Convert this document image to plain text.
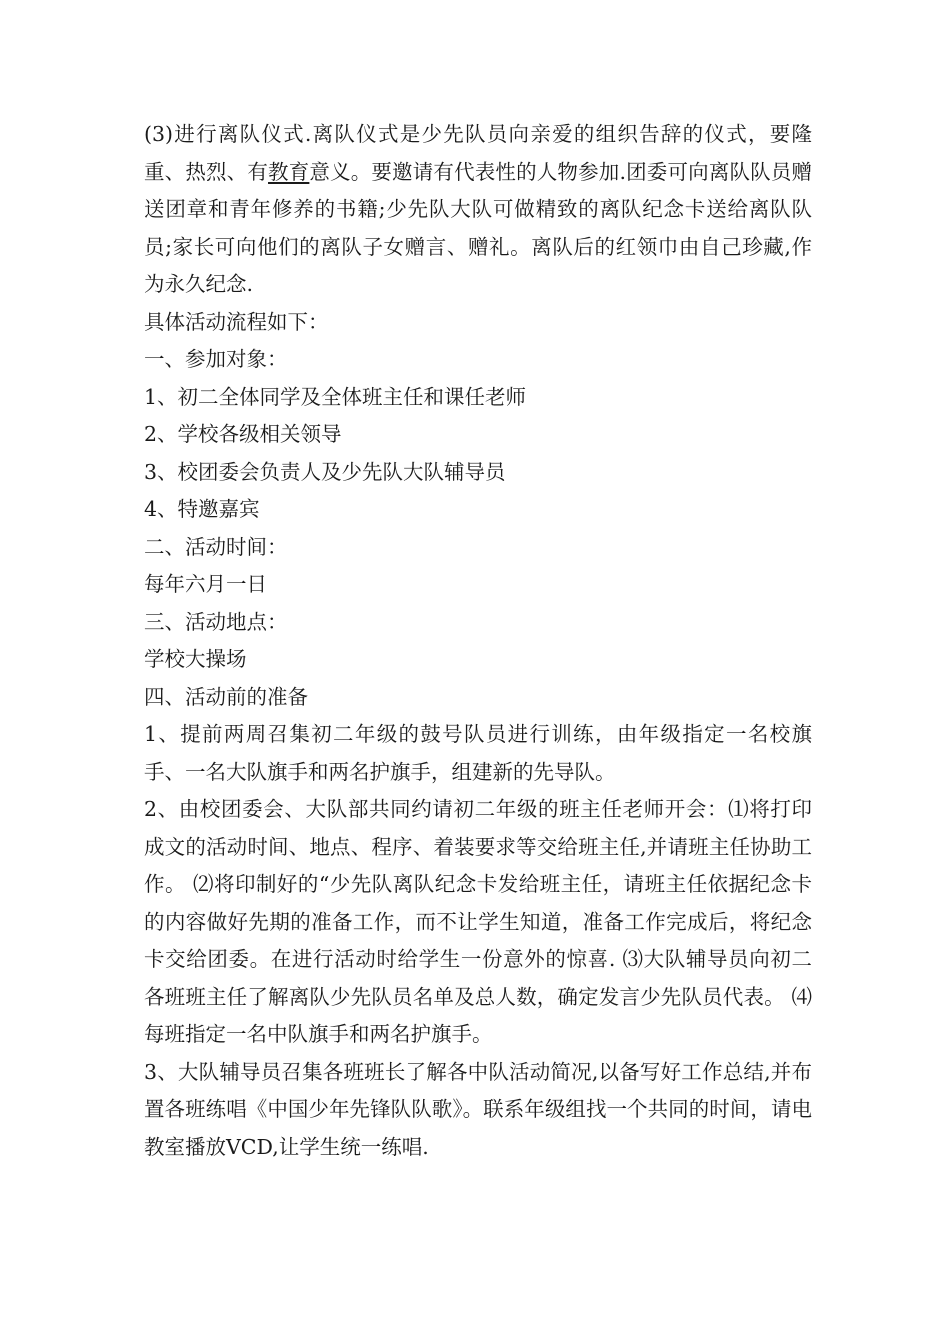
(3)进行离队仪式.离队仪式是少先队员向亲爱的组织告辞的仪式，要隆重、热烈、有教育意义。要邀请有代表性的人物参加.团委可向离队队员赠送团章和青年修养的书籍;少先队大队可做精致的离队纪念卡送给离队队员;家长可向他们的离队子女赠言、赠礼。离队后的红领巾由自己珍藏,作为永久纪念.

具体活动流程如下：

一、参加对象：

1、初二全体同学及全体班主任和课任老师

2、学校各级相关领导

3、校团委会负责人及少先队大队辅导员

4、特邀嘉宾

二、活动时间：

每年六月一日

三、活动地点：

学校大操场

四、活动前的准备

1、提前两周召集初二年级的鼓号队员进行训练，由年级指定一名校旗手、一名大队旗手和两名护旗手，组建新的先导队。

2、由校团委会、大队部共同约请初二年级的班主任老师开会：⑴将打印成文的活动时间、地点、程序、着装要求等交给班主任,并请班主任协助工作。 ⑵将印制好的“少先队离队纪念卡发给班主任，请班主任依据纪念卡的内容做好先期的准备工作，而不让学生知道，准备工作完成后，将纪念卡交给团委。在进行活动时给学生一份意外的惊喜. ⑶大队辅导员向初二各班班主任了解离队少先队员名单及总人数，确定发言少先队员代表。 ⑷每班指定一名中队旗手和两名护旗手。

3、大队辅导员召集各班班长了解各中队活动简况,以备写好工作总结,并布置各班练唱《中国少年先锋队队歌》。联系年级组找一个共同的时间，请电教室播放VCD,让学生统一练唱.
